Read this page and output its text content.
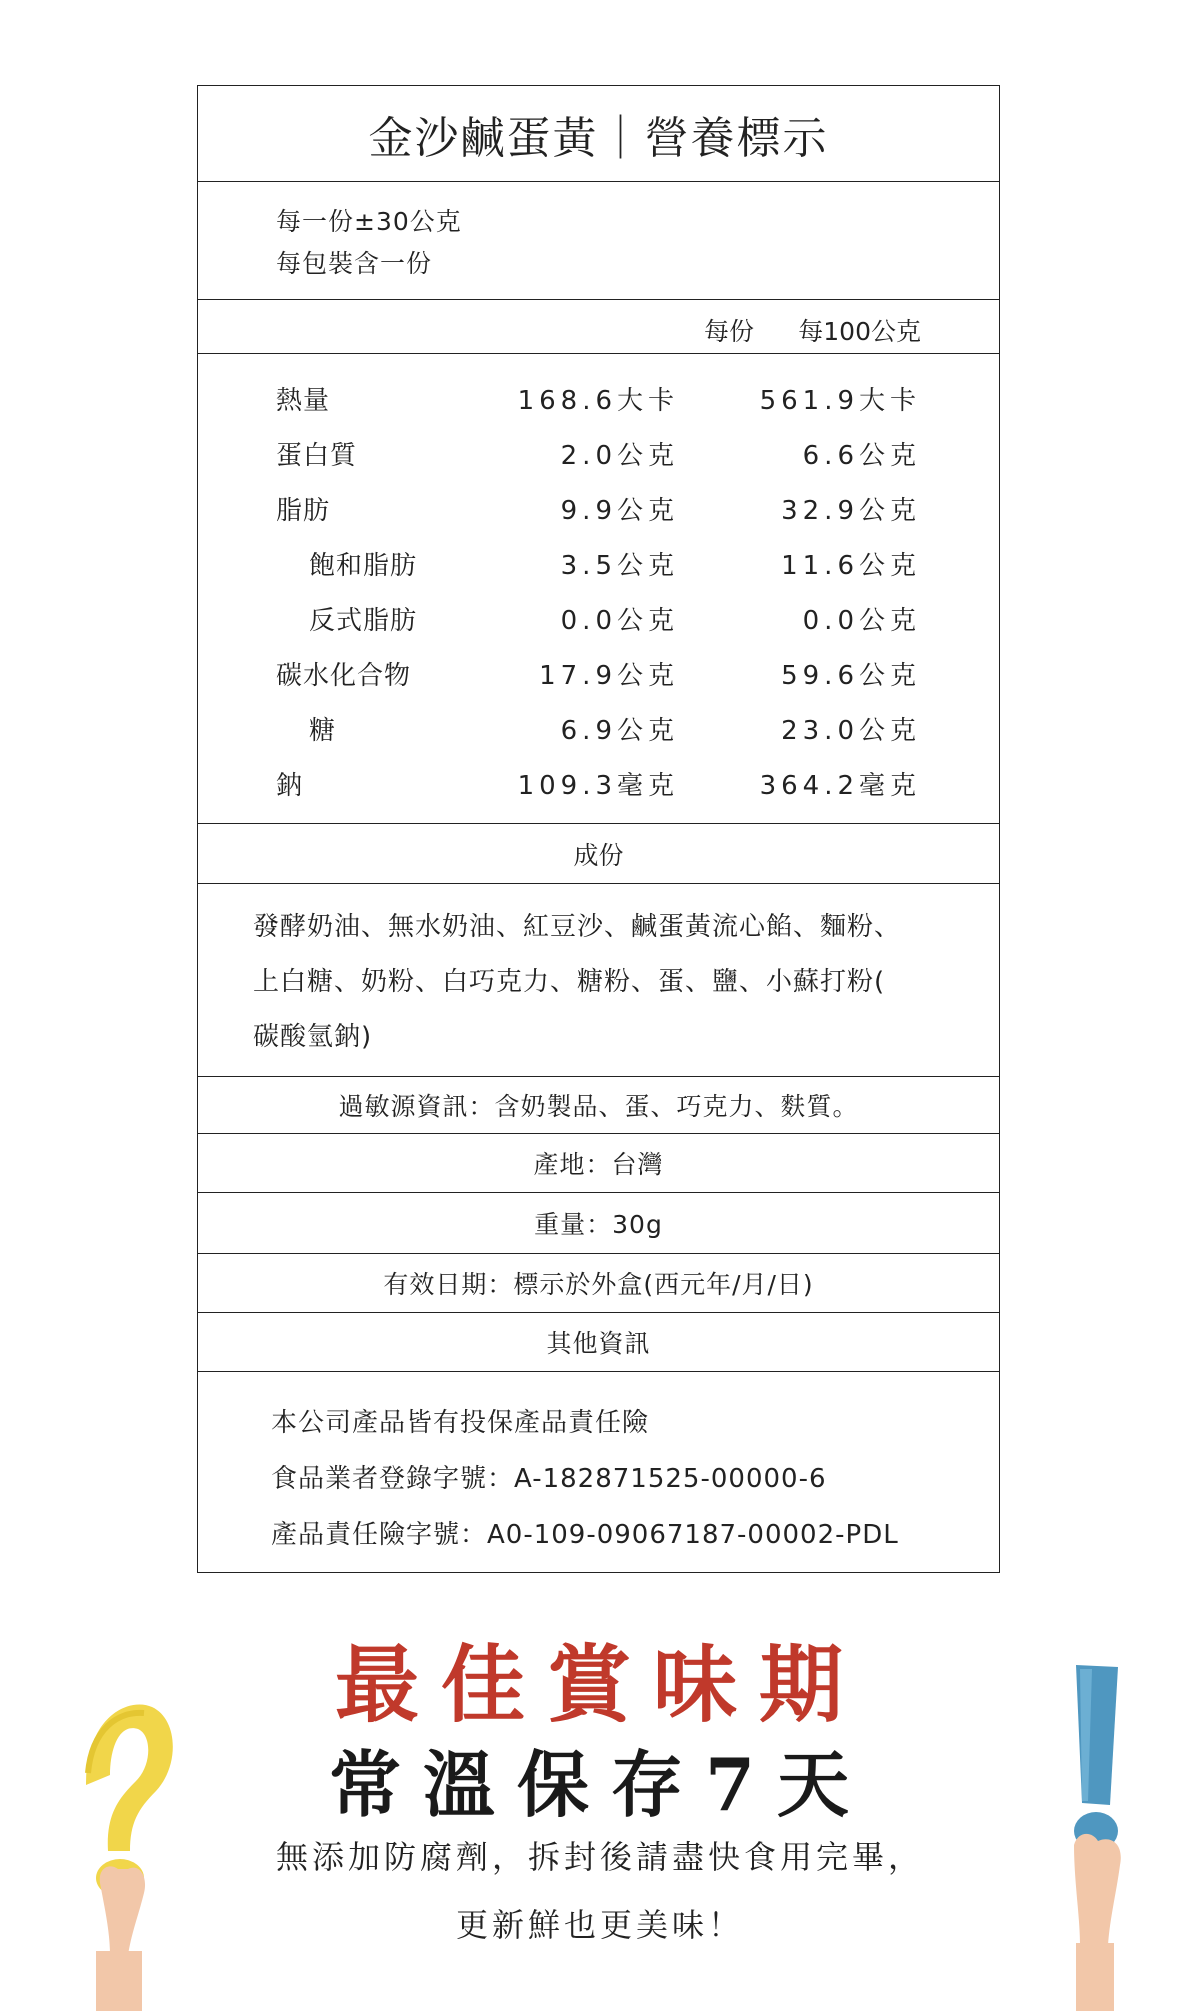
金沙鹹蛋黃｜營養標示
每一份±30公克
每包裝含一份
每份 每100公克
熱量	168.6大卡	561.9大卡
蛋白質	2.0公克	6.6公克
脂肪	9.9公克	32.9公克
飽和脂肪	3.5公克	11.6公克
反式脂肪	0.0公克	0.0公克
碳水化合物	17.9公克	59.6公克
糖	6.9公克	23.0公克
鈉	109.3毫克	364.2毫克
成份
發酵奶油、無水奶油、紅豆沙、鹹蛋黃流心餡、麵粉、
上白糖、奶粉、白巧克力、糖粉、蛋、鹽、小蘇打粉(
碳酸氫鈉)
過敏源資訊：含奶製品、蛋、巧克力、麩質。
產地：台灣
重量：30g
有效日期：標示於外盒(西元年/月/日)
其他資訊
本公司產品皆有投保產品責任險
食品業者登錄字號：A-182871525-00000-6
產品責任險字號：A0-109-09067187-00002-PDL
最佳賞味期
常溫保存7天
無添加防腐劑，拆封後請盡快食用完畢，
更新鮮也更美味！
